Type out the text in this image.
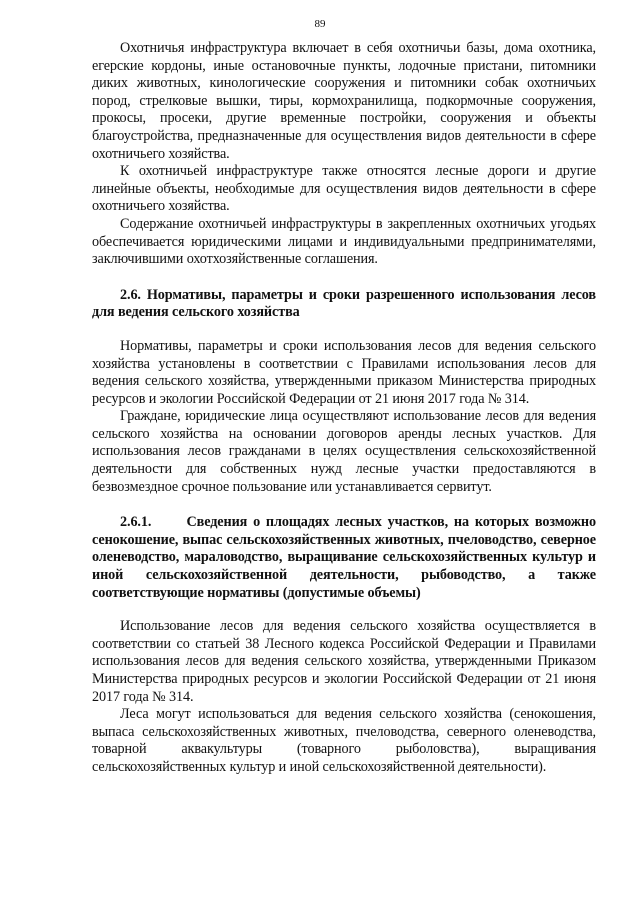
89

Охотничья инфраструктура включает в себя охотничьи базы, дома охотника, егерские кордоны, иные остановочные пункты, лодочные пристани, питомники диких животных, кинологические сооружения и питомники собак охотничьих пород, стрелковые вышки, тиры, кормохранилища, подкормочные сооружения, прокосы, просеки, другие временные постройки, сооружения и объекты благоустройства, предназначенные для осуществления видов деятельности в сфере охотничьего хозяйства.

К охотничьей инфраструктуре также относятся лесные дороги и другие линейные объекты, необходимые для осуществления видов деятельности в сфере охотничьего хозяйства.

Содержание охотничьей инфраструктуры в закрепленных охотничьих угодьях обеспечивается юридическими лицами и индивидуальными предпринимателями, заключившими охотхозяйственные соглашения.

2.6. Нормативы, параметры и сроки разрешенного использования лесов для ведения сельского хозяйства

Нормативы, параметры и сроки использования лесов для ведения сельского хозяйства установлены в соответствии с Правилами использования лесов для ведения сельского хозяйства, утвержденными приказом Министерства природных ресурсов и экологии Российской Федерации от 21 июня 2017 года № 314.

Граждане, юридические лица осуществляют использование лесов для ведения сельского хозяйства на основании договоров аренды лесных участков. Для использования лесов гражданами в целях осуществления сельскохозяйственной деятельности для собственных нужд лесные участки предоставляются в безвозмездное срочное пользование или устанавливается сервитут.

2.6.1.      Сведения о площадях лесных участков, на которых возможно сенокошение, выпас сельскохозяйственных животных, пчеловодство, северное оленеводство, мараловодство, выращивание сельскохозяйственных культур и иной сельскохозяйственной деятельности, рыбоводство, а также соответствующие нормативы (допустимые объемы)

Использование лесов для ведения сельского хозяйства осуществляется в соответствии со статьей 38 Лесного кодекса Российской Федерации и Правилами использования лесов для ведения сельского хозяйства, утвержденными Приказом Министерства природных ресурсов и экологии Российской Федерации от 21 июня 2017 года № 314.

Леса могут использоваться для ведения сельского хозяйства (сенокошения, выпаса сельскохозяйственных животных, пчеловодства, северного оленеводства, товарной аквакультуры (товарного рыболовства), выращивания сельскохозяйственных культур и иной сельскохозяйственной деятельности).
